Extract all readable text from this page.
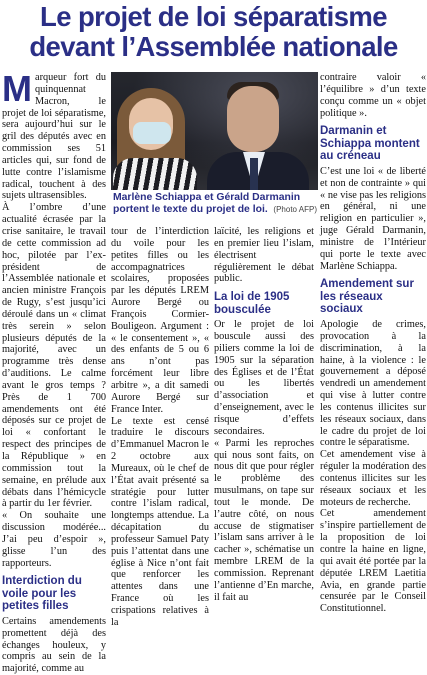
Le projet de loi séparatisme
devant l’Assemblée nationale

Marqueur fort du quinquennat Macron, le projet de loi séparatisme, sera aujourd’hui sur le gril des députés avec en commission ses 51 articles qui, sur fond de lutte contre l’islamisme radical, touchent à des sujets ultrasensibles.

À l’ombre d’une actualité écrasée par la crise sanitaire, le travail de cette commission ad hoc, pilotée par l’ex-président de l’Assemblée nationale et ancien ministre François de Rugy, s’est jusqu’ici déroulé dans un « climat très serein » selon plusieurs députés de la majorité, avec un programme très dense d’auditions. Le calme avant le gros temps ? Près de 1 700 amendements ont été déposés sur ce projet de loi « confortant le respect des principes de la République » en commission tout la semaine, en prélude aux débats dans l’hémicycle à partir du 1er février.

« On souhaite une discussion modérée... J’ai peu d’espoir », glisse l’un des rapporteurs.

Interdiction du voile pour les petites filles

Certains amendements promettent déjà des échanges houleux, y compris au sein de la majorité, comme au

Marlène Schiappa et Gérald Darmanin portent le texte du projet de loi. (Photo AFP)

tour de l’interdiction du voile pour les petites filles ou les accompagnatrices scolaires, proposées par les députés LREM Aurore Bergé ou François Cormier-Bouligeon. Argument : « le consentement », « des enfants de 5 ou 6 ans n’ont pas forcément leur libre arbitre », a dit samedi Aurore Bergé sur France Inter.

Le texte est censé traduire le discours d’Emmanuel Macron le 2 octobre aux Mureaux, où le chef de l’État avait présenté sa stratégie pour lutter contre l’islam radical, longtemps attendue. La décapitation du professeur Samuel Paty puis l’attentat dans une église à Nice n’ont fait que renforcer les attentes dans une France où les crispations relatives à la

laïcité, les religions et en premier lieu l’islam, électrisent régulièrement le débat public.

La loi de 1905 bousculée

Or le projet de loi bouscule aussi des piliers comme la loi de 1905 sur la séparation des Églises et de l’État ou les libertés d’association et d’enseignement, avec le risque d’effets secondaires.

« Parmi les reproches qui nous sont faits, on nous dit que pour régler le problème des musulmans, on tape sur tout le monde. De l’autre côté, on nous accuse de stigmatiser l’islam sans arriver à le cacher », schématise un membre LREM de la commission. Reprenant l’antienne d’En marche, il fait au

contraire valoir « l’équilibre » d’un texte conçu comme un « objet politique ».

Darmanin et Schiappa montent au créneau

C’est une loi « de liberté et non de contrainte » qui « ne vise pas les religions en général, ni une religion en particulier », juge Gérald Darmanin, ministre de l’Intérieur qui porte le texte avec Marlène Schiappa.

Amendement sur les réseaux sociaux

Apologie de crimes, provocation à la discrimination, à la haine, à la violence : le gouvernement a déposé vendredi un amendement qui vise à lutter contre les contenus illicites sur les réseaux sociaux, dans le cadre du projet de loi contre le séparatisme.

Cet amendement vise à réguler la modération des contenus illicites sur les réseaux sociaux et les moteurs de recherche.

Cet amendement s’inspire partiellement de la proposition de loi contre la haine en ligne, qui avait été portée par la députée LREM Laetitia Avia, en grande partie censurée par le Conseil Constitutionnel.
